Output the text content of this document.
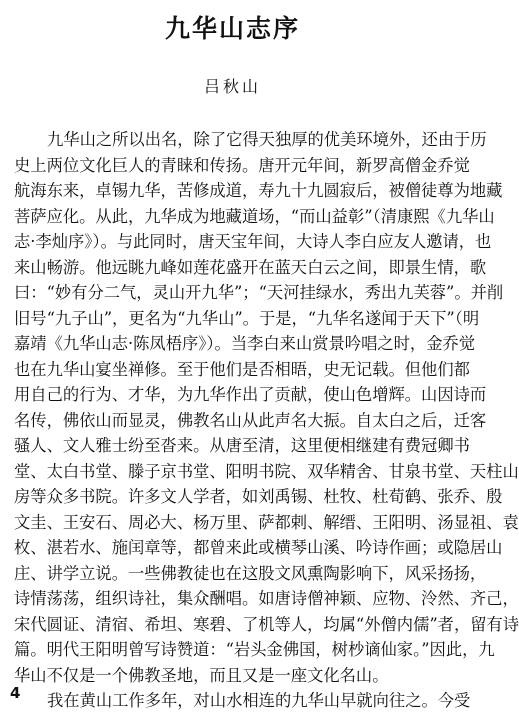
九华山志序

吕秋山

九华山之所以出名，除了它得天独厚的优美环境外，还由于历
史上两位文化巨人的青睐和传扬。唐开元年间，新罗高僧金乔觉
航海东来，卓锡九华，苦修成道，寿九十九圆寂后，被僧徒尊为地藏
菩萨应化。从此，九华成为地藏道场，“而山益彰”（清康熙《九华山
志·李灿序》）。与此同时，唐天宝年间，大诗人李白应友人邀请，也
来山畅游。他远眺九峰如莲花盛开在蓝天白云之间，即景生情，歌
曰：“妙有分二气，灵山开九华”；“天河挂绿水，秀出九芙蓉”。并削
旧号“九子山”，更名为“九华山”。于是，“九华名遂闻于天下”（明
嘉靖《九华山志·陈凤梧序》）。当李白来山赏景吟唱之时，金乔觉
也在九华山宴坐禅修。至于他们是否相晤，史无记载。但他们都
用自己的行为、才华，为九华作出了贡献，使山色增辉。山因诗而
名传，佛依山而显灵，佛教名山从此声名大振。自太白之后，迁客
骚人、文人雅士纷至沓来。从唐至清，这里便相继建有费冠卿书
堂、太白书堂、滕子京书堂、阳明书院、双华精舍、甘泉书堂、天柱山
房等众多书院。许多文人学者，如刘禹锡、杜牧、杜荀鹤、张乔、殷
文圭、王安石、周必大、杨万里、萨都剌、解缙、王阳明、汤显祖、袁
枚、湛若水、施闰章等，都曾来此或横琴山溪、吟诗作画；或隐居山
庄、讲学立说。一些佛教徒也在这股文风熏陶影响下，风采扬扬，
诗情荡荡，组织诗社，集众酬唱。如唐诗僧神颖、应物、泠然、齐己，
宋代圆证、清宿、希坦、寒碧、了机等人，均属“外僧内儒”者，留有诗
篇。明代王阳明曾写诗赞道：“岩头金佛国，树杪谪仙家。”因此，九
华山不仅是一个佛教圣地，而且又是一座文化名山。
我在黄山工作多年，对山水相连的九华山早就向往之。今受
4
